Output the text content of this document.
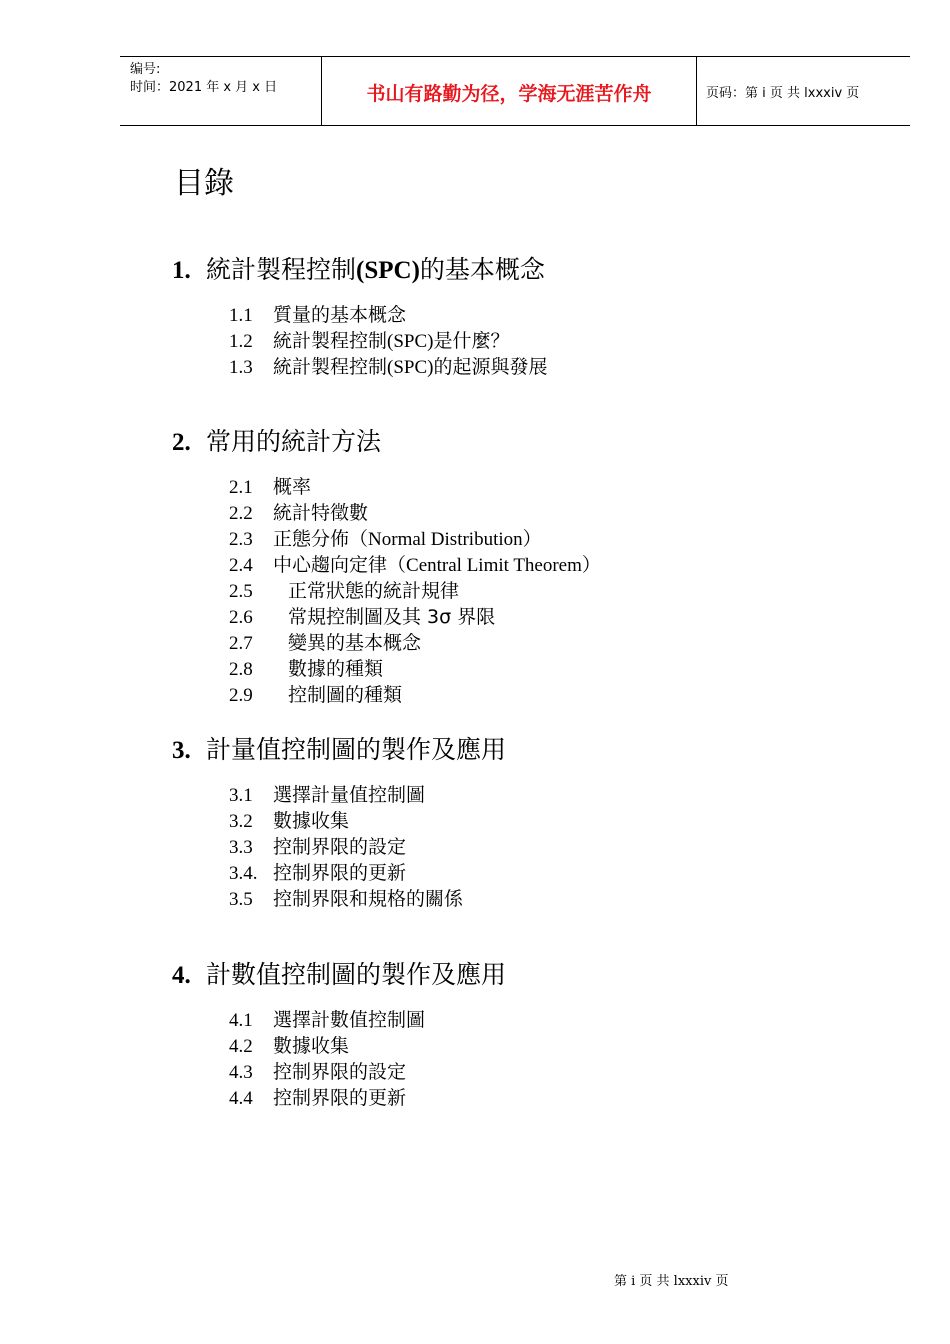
编号:
时间：2021 年 x 月 x 日	书山有路勤为径，学海无涯苦作舟	页码：第 i 页 共 lxxxiv 页
目錄
1. 統計製程控制(SPC)的基本概念
1.1 質量的基本概念
1.2 統計製程控制(SPC)是什麼？
1.3 統計製程控制(SPC)的起源與發展
2. 常用的統計方法
2.1 概率
2.2 統計特徵數
2.3 正態分佈（Normal Distribution）
2.4 中心趨向定律（Central Limit Theorem）
2.5 正常狀態的統計規律
2.6 常規控制圖及其 3σ 界限
2.7 變異的基本概念
2.8 數據的種類
2.9 控制圖的種類
3. 計量值控制圖的製作及應用
3.1 選擇計量值控制圖
3.2 數據收集
3.3 控制界限的設定
3.4. 控制界限的更新
3.5 控制界限和規格的關係
4. 計數值控制圖的製作及應用
4.1 選擇計數值控制圖
4.2 數據收集
4.3 控制界限的設定
4.4 控制界限的更新
第 i 页 共 lxxxiv 页
